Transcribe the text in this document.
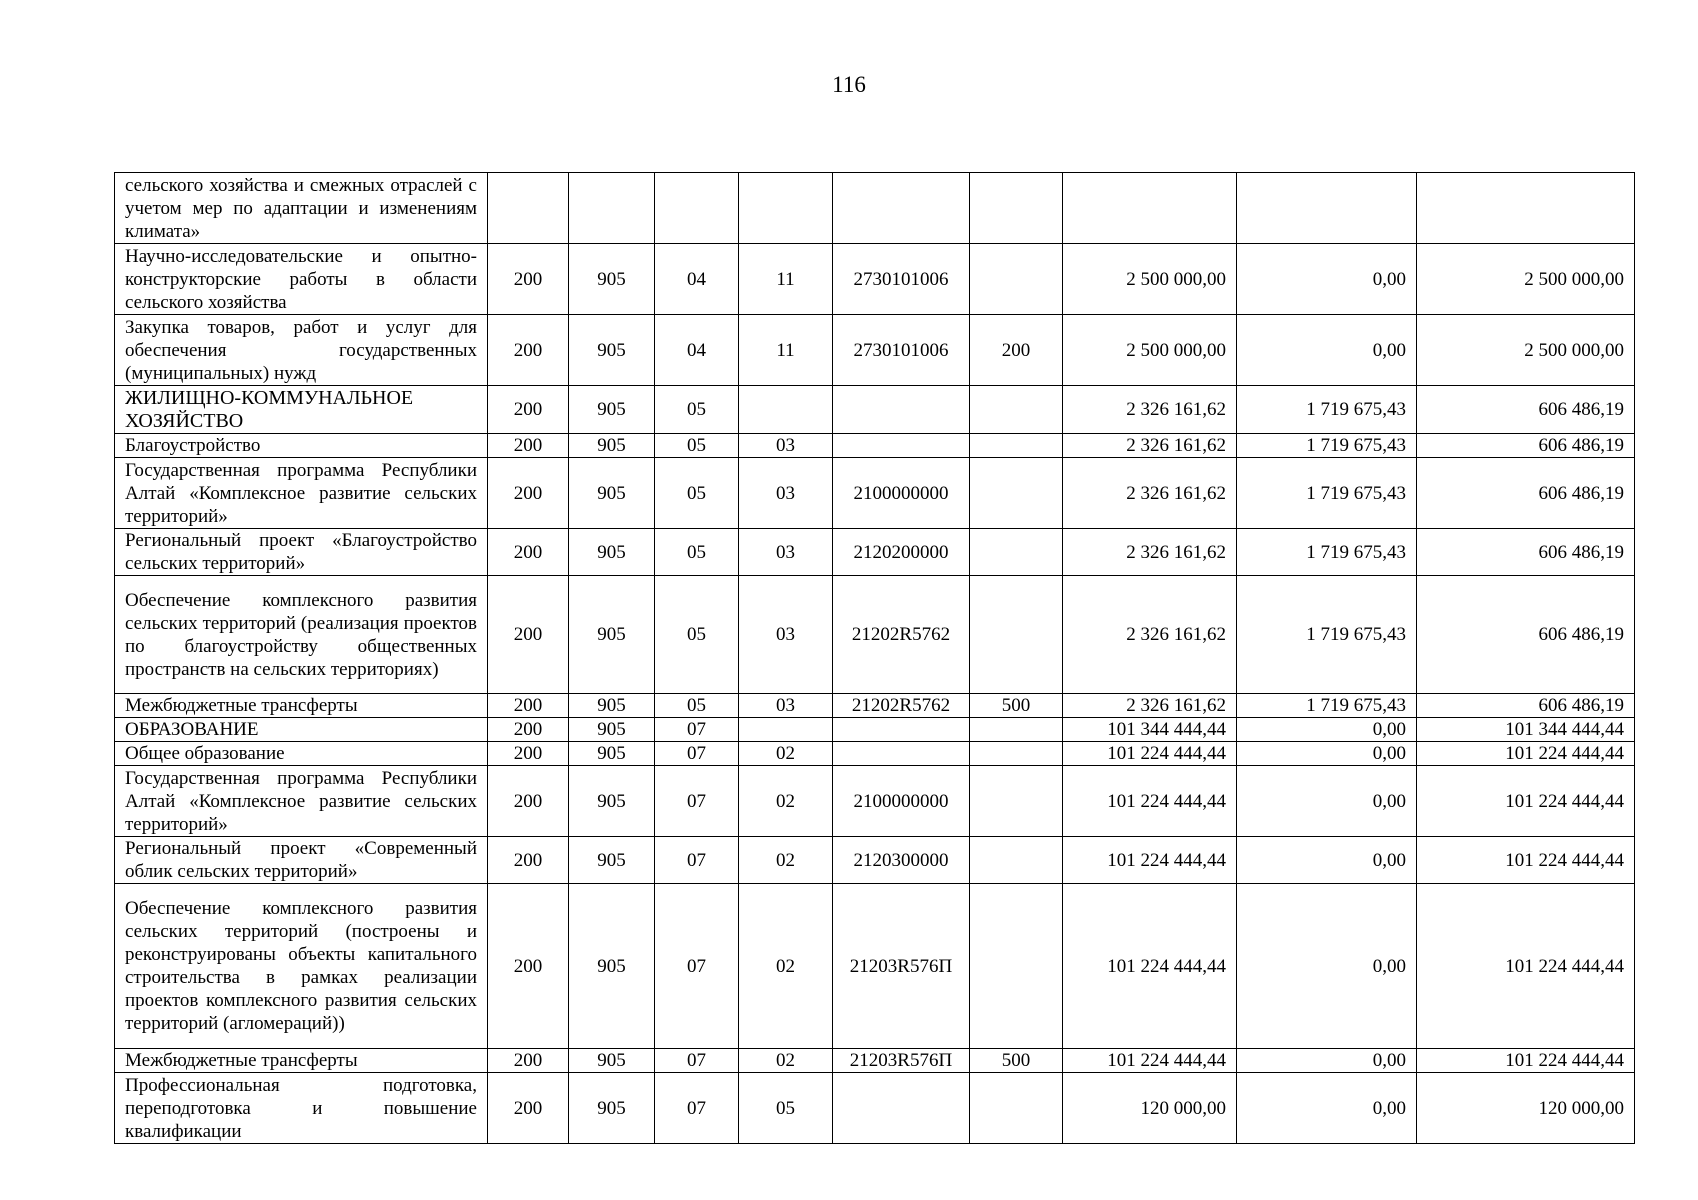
116
сельского хозяйства и смежных отраслей с учетом мер по адаптации и изменениям климата»									
Научно-исследовательские и опытно-конструкторские работы в области сельского хозяйства	200	905	04	11	2730101006		2 500 000,00	0,00	2 500 000,00
Закупка товаров, работ и услуг для обеспечения государственных (муниципальных) нужд	200	905	04	11	2730101006	200	2 500 000,00	0,00	2 500 000,00
ЖИЛИЩНО-КОММУНАЛЬНОЕ ХОЗЯЙСТВО	200	905	05				2 326 161,62	1 719 675,43	606 486,19
Благоустройство	200	905	05	03			2 326 161,62	1 719 675,43	606 486,19
Государственная программа Республики Алтай «Комплексное развитие сельских территорий»	200	905	05	03	2100000000		2 326 161,62	1 719 675,43	606 486,19
Региональный проект «Благоустройство сельских территорий»	200	905	05	03	2120200000		2 326 161,62	1 719 675,43	606 486,19
Обеспечение комплексного развития сельских территорий (реализация проектов по благоустройству общественных пространств на сельских территориях)	200	905	05	03	21202R5762		2 326 161,62	1 719 675,43	606 486,19
Межбюджетные трансферты	200	905	05	03	21202R5762	500	2 326 161,62	1 719 675,43	606 486,19
ОБРАЗОВАНИЕ	200	905	07				101 344 444,44	0,00	101 344 444,44
Общее образование	200	905	07	02			101 224 444,44	0,00	101 224 444,44
Государственная программа Республики Алтай «Комплексное развитие сельских территорий»	200	905	07	02	2100000000		101 224 444,44	0,00	101 224 444,44
Региональный проект «Современный облик сельских территорий»	200	905	07	02	2120300000		101 224 444,44	0,00	101 224 444,44
Обеспечение комплексного развития сельских территорий (построены и реконструированы объекты капитального строительства в рамках реализации проектов комплексного развития сельских территорий (агломераций))	200	905	07	02	21203R576П		101 224 444,44	0,00	101 224 444,44
Межбюджетные трансферты	200	905	07	02	21203R576П	500	101 224 444,44	0,00	101 224 444,44
Профессиональная подготовка, переподготовка и повышение квалификации	200	905	07	05			120 000,00	0,00	120 000,00
